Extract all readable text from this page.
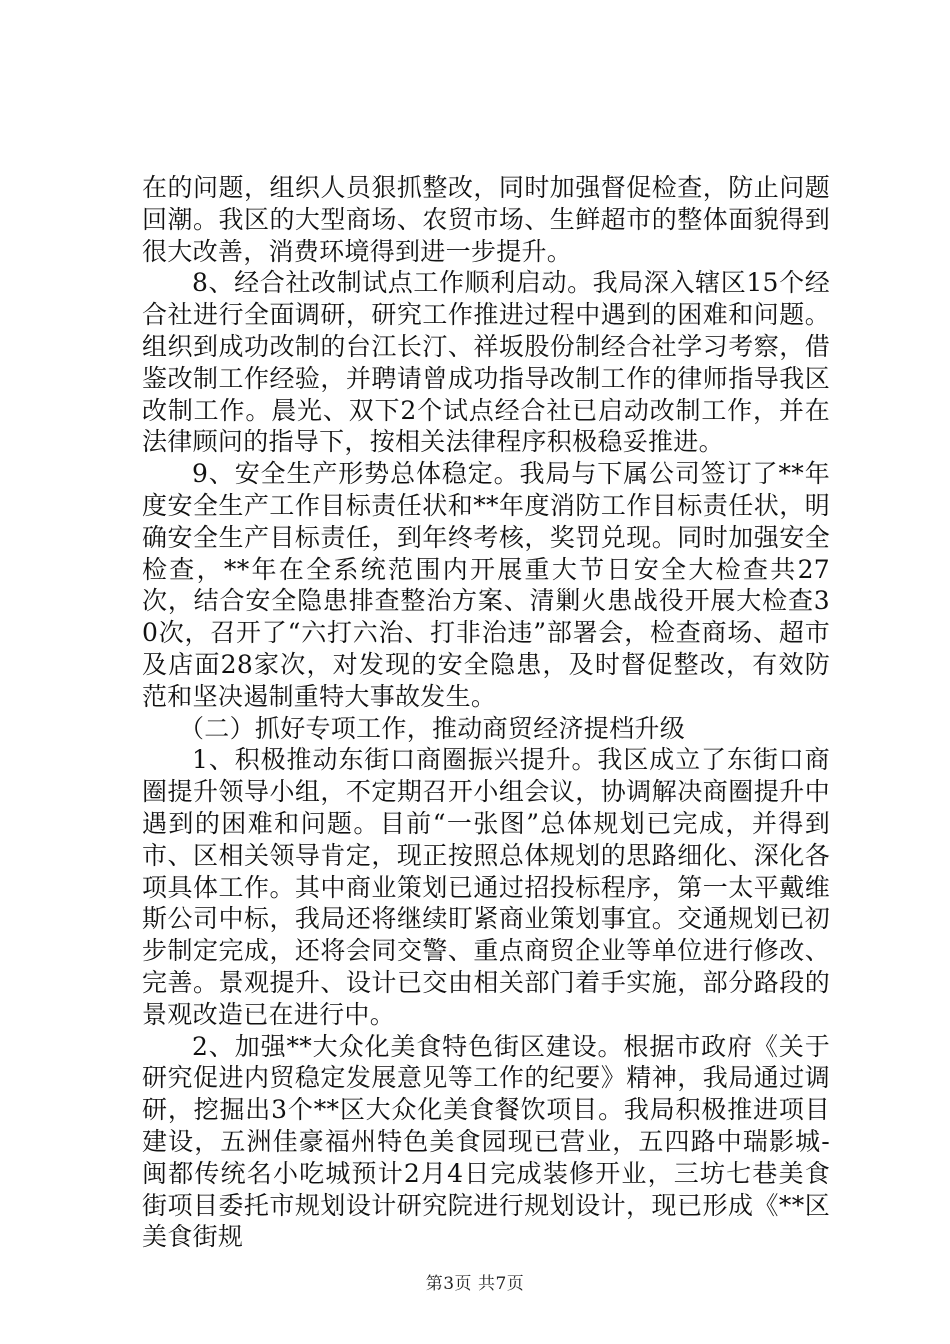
在的问题，组织人员狠抓整改，同时加强督促检查，防止问题回潮。我区的大型商场、农贸市场、生鲜超市的整体面貌得到很大改善，消费环境得到进一步提升。

8、经合社改制试点工作顺利启动。我局深入辖区15个经合社进行全面调研，研究工作推进过程中遇到的困难和问题。组织到成功改制的台江长汀、祥坂股份制经合社学习考察，借鉴改制工作经验，并聘请曾成功指导改制工作的律师指导我区改制工作。晨光、双下2个试点经合社已启动改制工作，并在法律顾问的指导下，按相关法律程序积极稳妥推进。

9、安全生产形势总体稳定。我局与下属公司签订了**年度安全生产工作目标责任状和**年度消防工作目标责任状，明确安全生产目标责任，到年终考核，奖罚兑现。同时加强安全检查，**年在全系统范围内开展重大节日安全大检查共27次，结合安全隐患排查整治方案、清剿火患战役开展大检查30次，召开了“六打六治、打非治违”部署会，检查商场、超市及店面28家次，对发现的安全隐患，及时督促整改，有效防范和坚决遏制重特大事故发生。

（二）抓好专项工作，推动商贸经济提档升级

1、积极推动东街口商圈振兴提升。我区成立了东街口商圈提升领导小组，不定期召开小组会议，协调解决商圈提升中遇到的困难和问题。目前“一张图”总体规划已完成，并得到市、区相关领导肯定，现正按照总体规划的思路细化、深化各项具体工作。其中商业策划已通过招投标程序，第一太平戴维斯公司中标，我局还将继续盯紧商业策划事宜。交通规划已初步制定完成，还将会同交警、重点商贸企业等单位进行修改、完善。景观提升、设计已交由相关部门着手实施，部分路段的景观改造已在进行中。

2、加强**大众化美食特色街区建设。根据市政府《关于研究促进内贸稳定发展意见等工作的纪要》精神，我局通过调研，挖掘出3个**区大众化美食餐饮项目。我局积极推进项目建设，五洲佳豪福州特色美食园现已营业，五四路中瑞影城-闽都传统名小吃城预计2月4日完成装修开业，三坊七巷美食街项目委托市规划设计研究院进行规划设计，现已形成《**区美食街规

第3页 共7页
